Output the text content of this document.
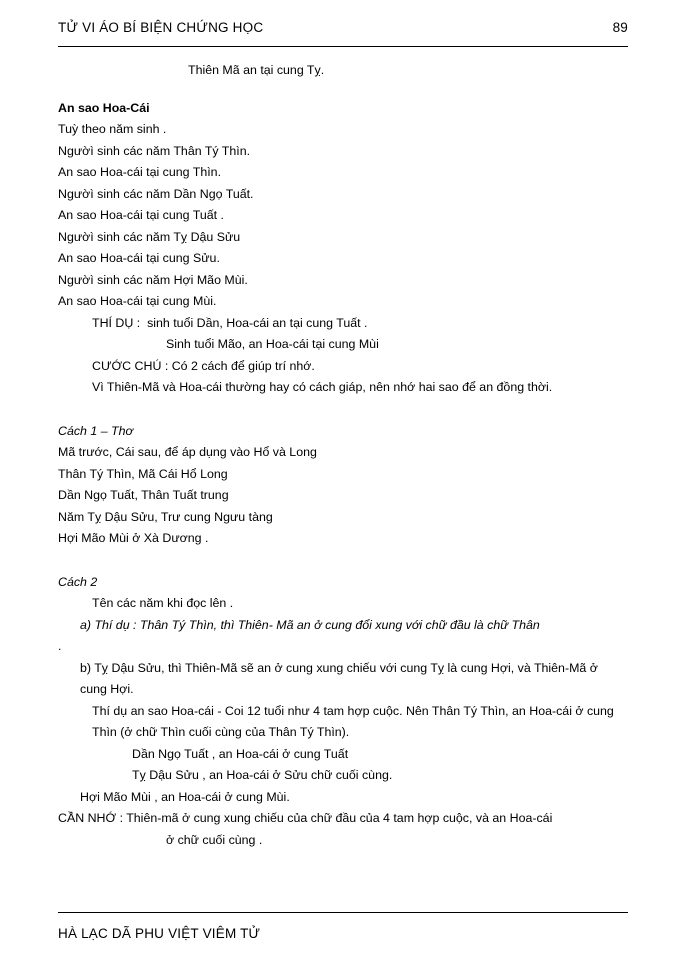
TỬ VI ÁO BÍ BIỆN CHỨNG HỌC	89
Thiên Mã an tại cung Tỵ.
An sao Hoa-Cái
Tuỳ theo năm sinh .
Ngườì sinh các năm Thân Tý Thìn.
An sao Hoa-cái tại cung Thìn.
Ngườì sinh các năm Dần Ngọ Tuất.
An sao Hoa-cái tại cung Tuất .
Ngườì sinh các năm Tỵ Dậu Sửu
An sao Hoa-cái tại cung Sửu.
Ngườì sinh các năm Hợi Mão Mùi.
An sao Hoa-cái tại cung Mùi.
THÍ DỤ :  sinh tuổi Dần, Hoa-cái an tại cung Tuất .
Sinh tuổi Mão, an Hoa-cái tại cung Mùi
CƯỚC CHÚ : Có 2 cách để giúp trí nhớ.
Vì Thiên-Mã và Hoa-cái thường hay có cách giáp, nên nhớ hai sao để an đồng thời.
Cách 1 – Thơ
Mã trước, Cái sau, để áp dụng vào Hổ và Long
Thân Tý Thìn, Mã Cái Hổ Long
Dần Ngọ Tuất, Thân Tuất trung
Năm Tỵ Dậu Sửu, Trư cung Ngưu tàng
Hợi Mão Mùi ở Xà Dương .
Cách 2
Tên các năm khi đọc lên .
a) Thí dụ : Thân Tý Thìn, thì Thiên- Mã an ở cung đổi xung với chữ đầu là chữ Thân
.
b) Tỵ Dậu Sửu, thì Thiên-Mã sẽ an ở cung xung chiếu với cung Tỵ là cung Hợi, và Thiên-Mã ở cung Hợi.
Thí dụ an sao Hoa-cái - Coi 12 tuổi như 4 tam hợp cuộc. Nên Thân Tý Thìn, an Hoa-cái ở cung Thìn (ở chữ Thìn cuối cùng của Thân Tý Thìn).
Dần Ngọ Tuất , an Hoa-cái ở cung Tuất
Tỵ Dậu Sửu , an Hoa-cái ở Sửu chữ cuối cùng.
Hợi Mão Mùi , an Hoa-cái ở cung Mùi.
CẦN NHỚ : Thiên-mã ở cung xung chiếu của chữ đầu của 4 tam hợp cuộc, và an Hoa-cái
ở chữ cuối cùng .
HÀ LẠC DÃ PHU VIỆT VIÊM TỬ
